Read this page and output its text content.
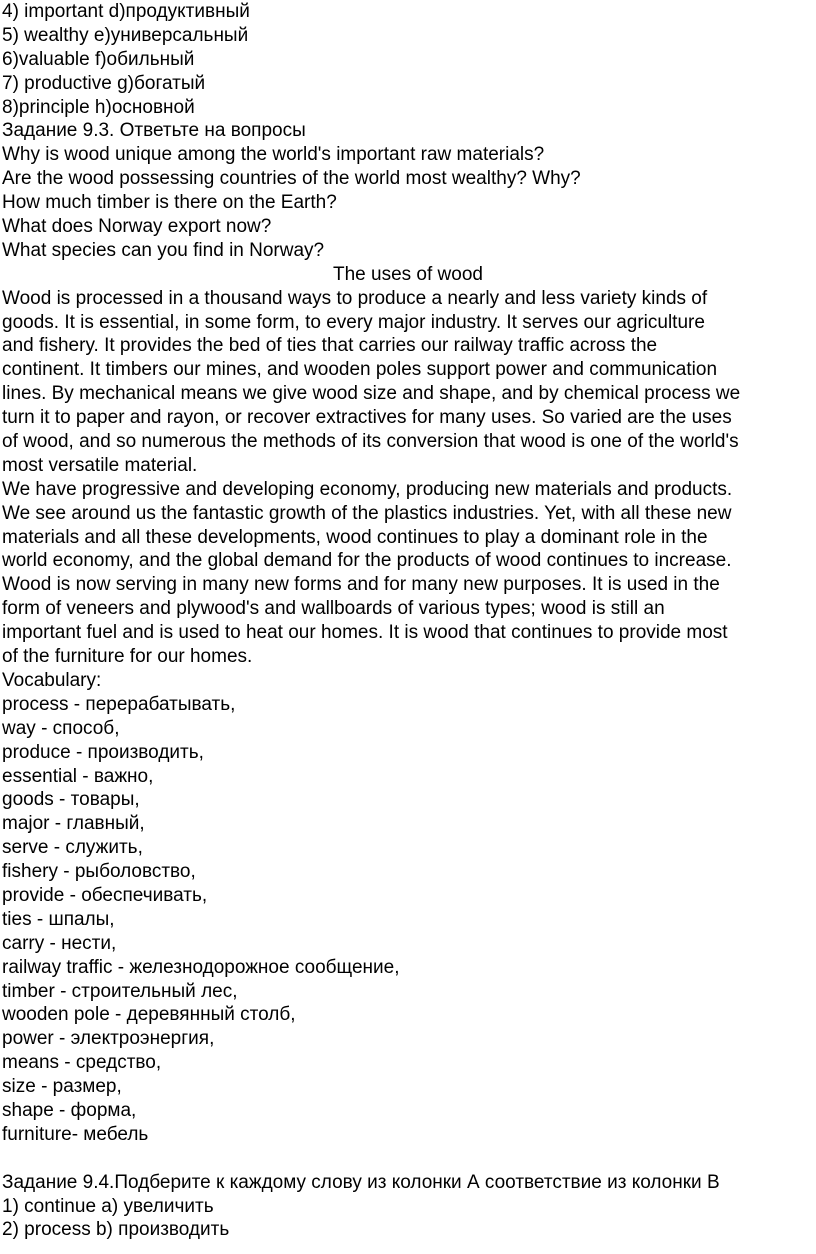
4) important d)продуктивный
5) wealthy e)универсальный
6)valuable f)обильный
7) productive g)богатый
8)principle h)основной
Задание 9.3. Ответьте на вопросы
Why is wood unique among the world's important raw materials?
Are the wood possessing countries of the world most wealthy? Why?
How much timber is there on the Earth?
What does Norway export now?
What species can you find in Norway?
The uses of wood
Wood is processed in a thousand ways to produce a nearly and less variety kinds of
goods. It is essential, in some form, to every major industry. It serves our agriculture
and fishery. It provides the bed of ties that carries our railway traffic across the
continent. It timbers our mines, and wooden poles support power and communication
lines. By mechanical means we give wood size and shape, and by chemical process we
turn it to paper and rayon, or recover extractives for many uses. So varied are the uses
of wood, and so numerous the methods of its conversion that wood is one of the world's
most versatile material.
We have progressive and developing economy, producing new materials and products.
We see around us the fantastic growth of the plastics industries. Yet, with all these new
materials and all these developments, wood continues to play a dominant role in the
world economy, and the global demand for the products of wood continues to increase.
Wood is now serving in many new forms and for many new purposes. It is used in the
form of veneers and plywood's and wallboards of various types; wood is still an
important fuel and is used to heat our homes. It is wood that continues to provide most
of the furniture for our homes.
Vocabulary:
process - перерабатывать,
way - способ,
produce - производить,
essential - важно,
goods - товары,
major - главный,
serve - служить,
fishery - рыболовство,
provide - обеспечивать,
ties - шпалы,
carry - нести,
railway traffic - железнодорожное сообщение,
timber - строительный лес,
wooden pole - деревянный столб,
power - электроэнергия,
means - средство,
size - размер,
shape - форма,
furniture- мебель
Задание 9.4.Подберите к каждому слову из колонки А соответствие из колонки В
1) continue a) увеличить
2) process b) производить
